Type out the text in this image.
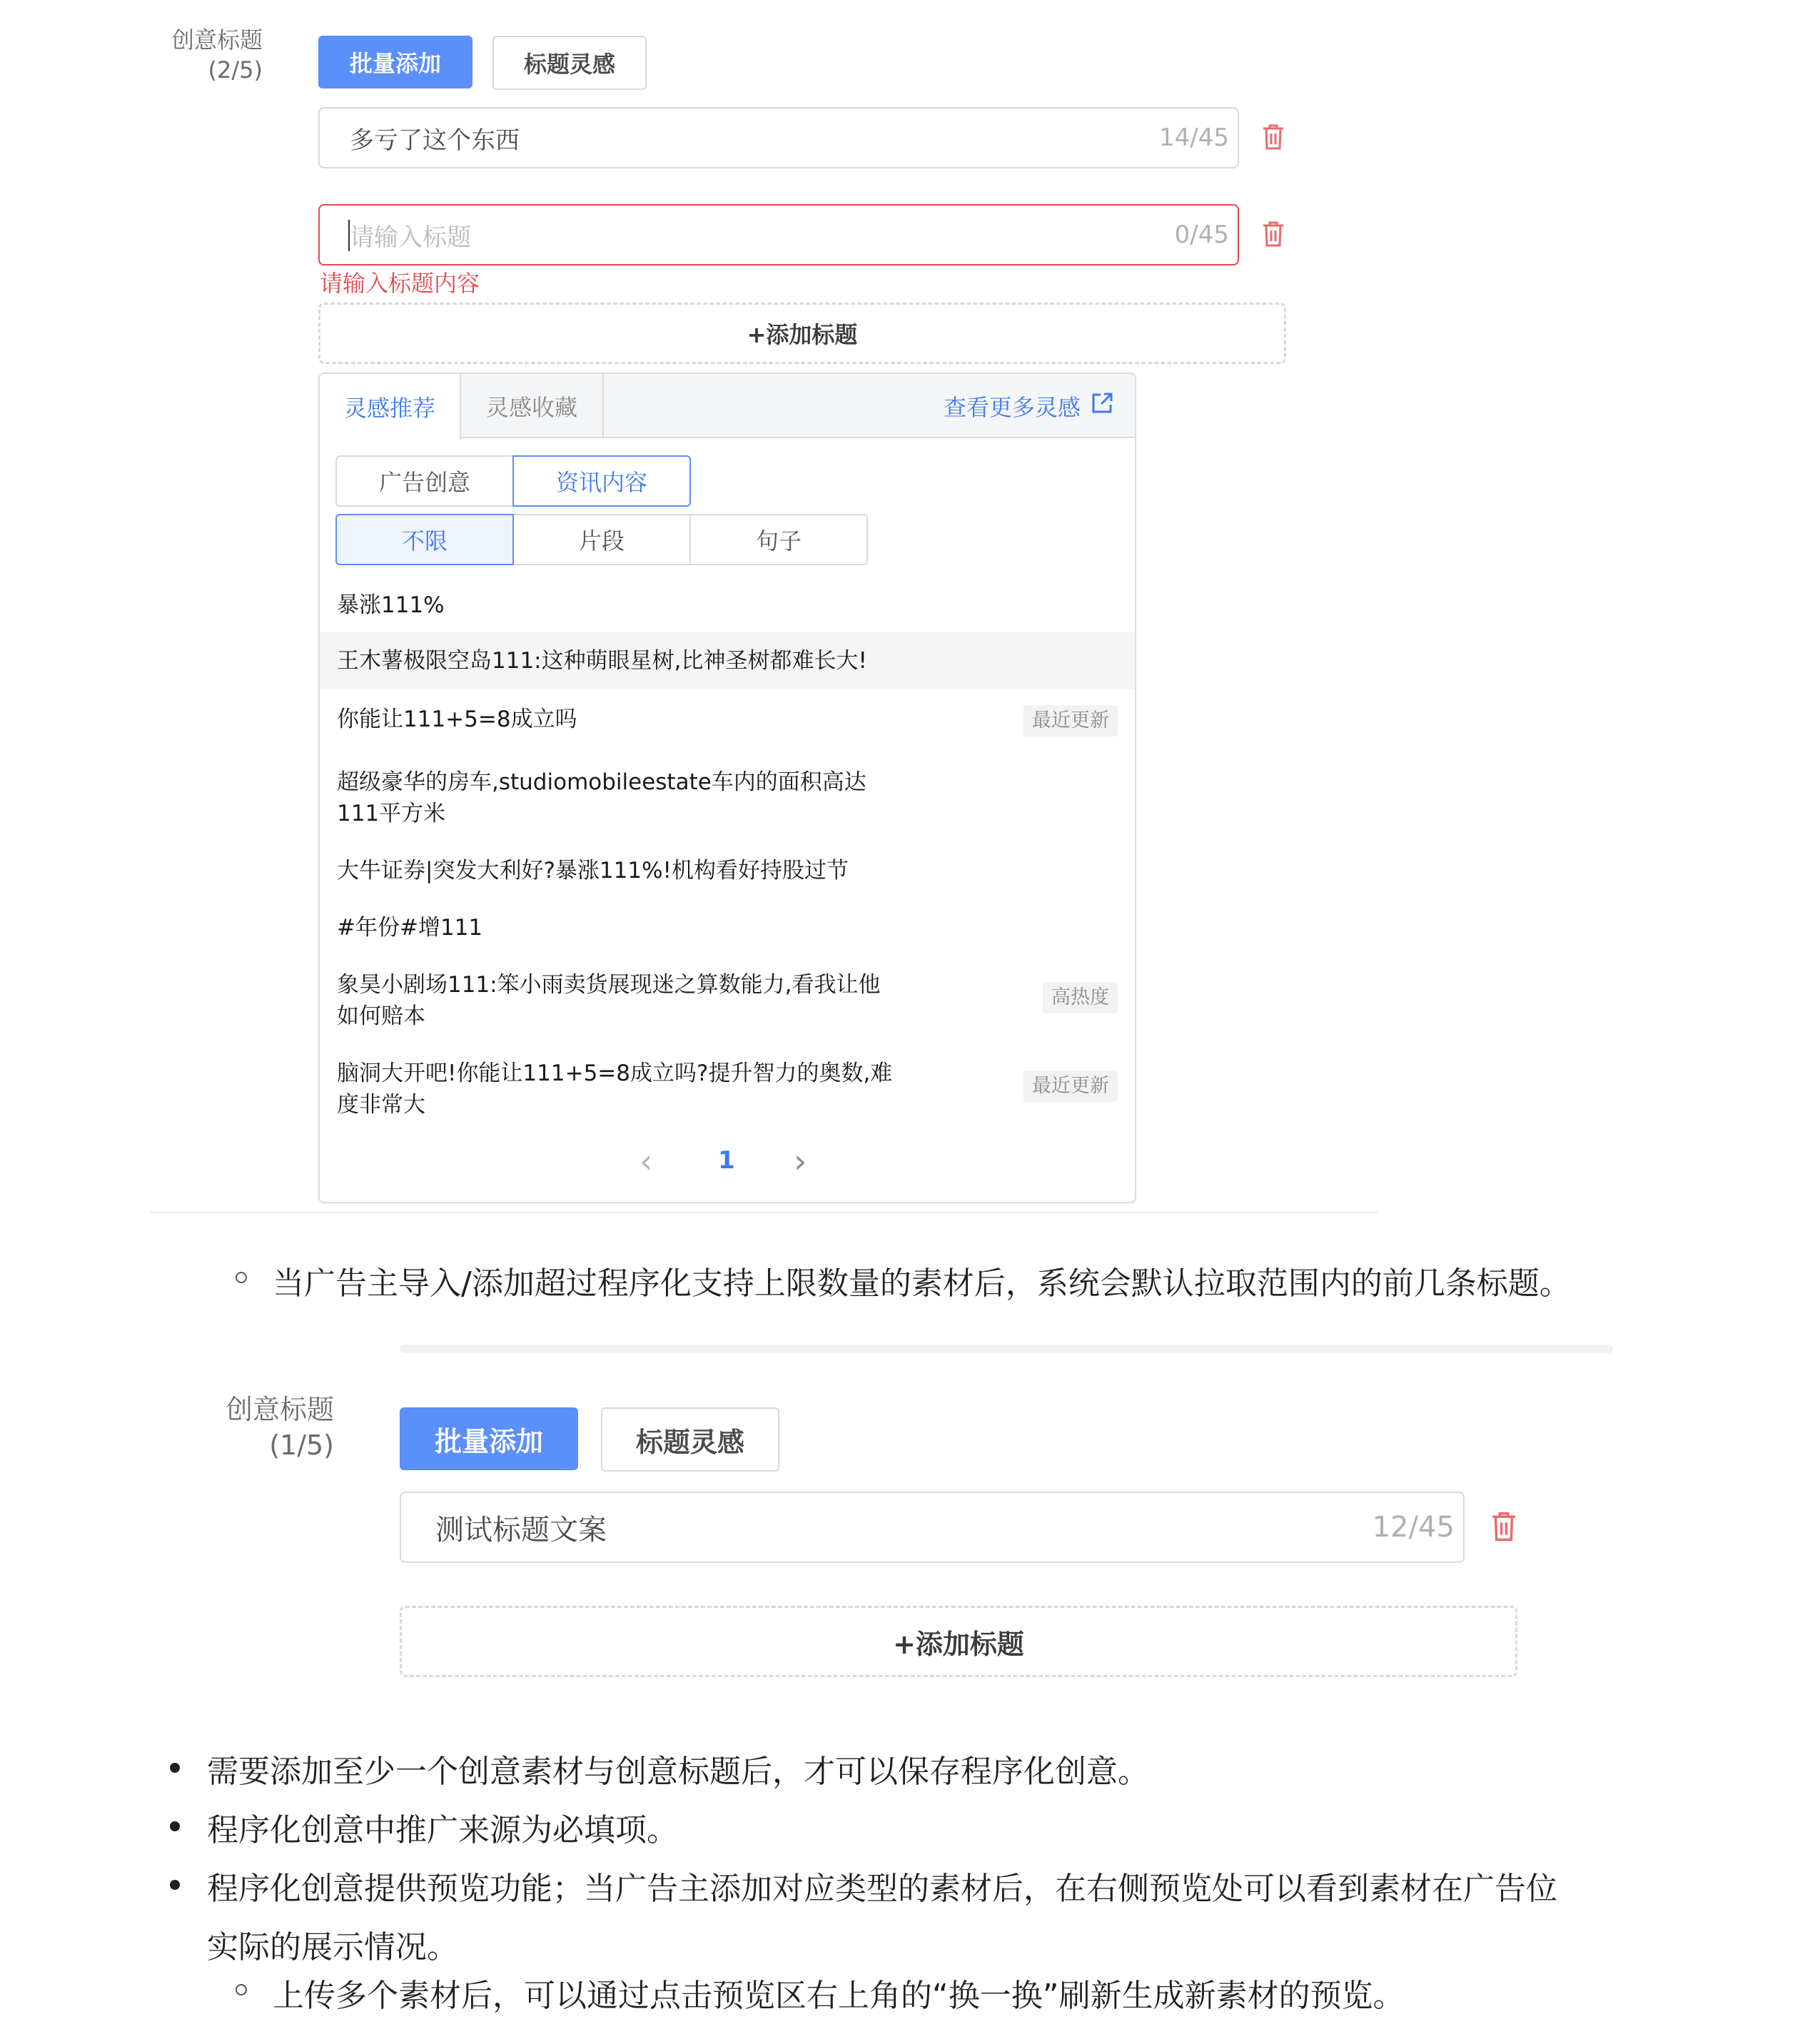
创意标题
(2/5)	批量添加	标题灵感
多亏了这个东西	14/45
请输入标题	0/45
请输入标题内容
+添加标题
灵感推荐	灵感收藏	查看更多灵感
广告创意	资讯内容
不限	片段	句子
暴涨111%
王木薯极限空岛111:这种萌眼星树,比神圣树都难长大!
你能让111+5=8成立吗	最近更新
超级豪华的房车,studiomobileestate车内的面积高达
111平方米
大牛证券|突发大利好?暴涨111%!机构看好持股过节
#年份#增111
象昊小剧场111:笨小雨卖货展现迷之算数能力,看我让他
如何赔本
高热度
脑洞大开吧!你能让111+5=8成立吗?提升智力的奥数,难
度非常大
最近更新
‹	1 ›
当广告主导入/添加超过程序化支持上限数量的素材后，系统会默认拉取范围内的前几条标题。
创意标题
(1/5)	批量添加	标题灵感
测试标题文案	12/45
+添加标题
需要添加至少一个创意素材与创意标题后，才可以保存程序化创意。
程序化创意中推广来源为必填项。
程序化创意提供预览功能；当广告主添加对应类型的素材后，在右侧预览处可以看到素材在广告位
实际的展示情况。
上传多个素材后，可以通过点击预览区右上角的“换一换”刷新生成新素材的预览。
